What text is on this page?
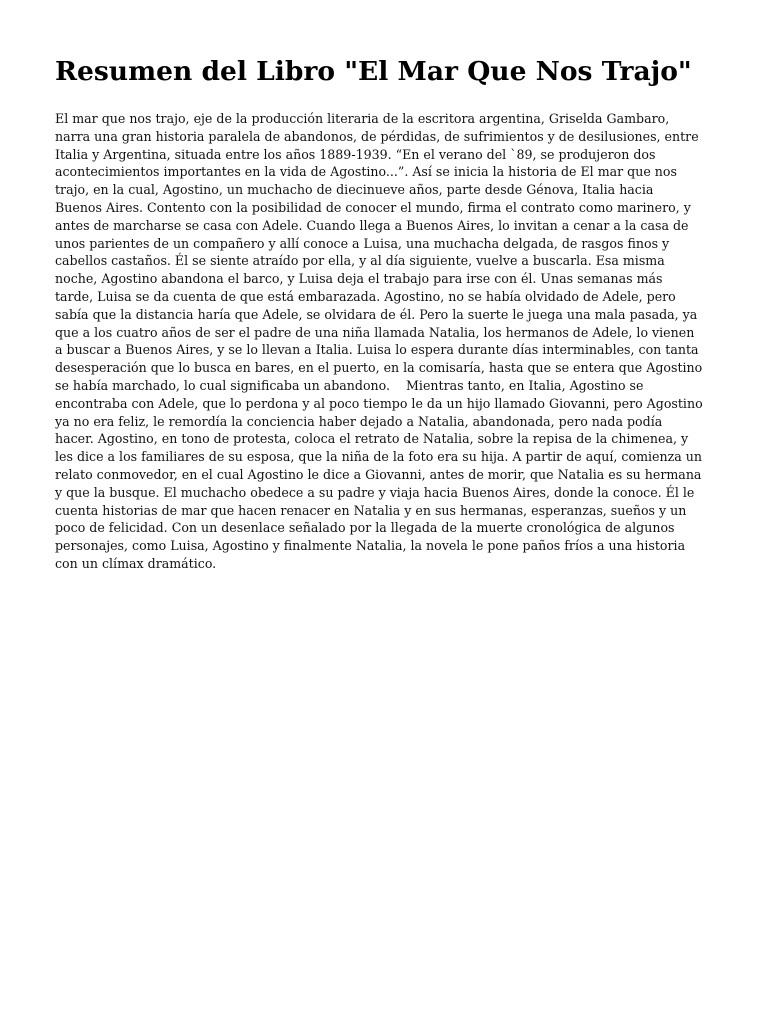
Resumen del Libro "El Mar Que Nos Trajo"

El mar que nos trajo, eje de la producción literaria de la escritora argentina, Griselda Gambaro,
narra una gran historia paralela de abandonos, de pérdidas, de sufrimientos y de desilusiones, entre
Italia y Argentina, situada entre los años 1889-1939. “En el verano del `89, se produjeron dos
acontecimientos importantes en la vida de Agostino...”. Así se inicia la historia de El mar que nos
trajo, en la cual, Agostino, un muchacho de diecinueve años, parte desde Génova, Italia hacia
Buenos Aires. Contento con la posibilidad de conocer el mundo, firma el contrato como marinero, y
antes de marcharse se casa con Adele. Cuando llega a Buenos Aires, lo invitan a cenar a la casa de
unos parientes de un compañero y allí conoce a Luisa, una muchacha delgada, de rasgos finos y
cabellos castaños. Él se siente atraído por ella, y al día siguiente, vuelve a buscarla. Esa misma
noche, Agostino abandona el barco, y Luisa deja el trabajo para irse con él. Unas semanas más
tarde, Luisa se da cuenta de que está embarazada. Agostino, no se había olvidado de Adele, pero
sabía que la distancia haría que Adele, se olvidara de él. Pero la suerte le juega una mala pasada, ya
que a los cuatro años de ser el padre de una niña llamada Natalia, los hermanos de Adele, lo vienen
a buscar a Buenos Aires, y se lo llevan a Italia. Luisa lo espera durante días interminables, con tanta
desesperación que lo busca en bares, en el puerto, en la comisaría, hasta que se entera que Agostino
se había marchado, lo cual significaba un abandono.    Mientras tanto, en Italia, Agostino se
encontraba con Adele, que lo perdona y al poco tiempo le da un hijo llamado Giovanni, pero Agostino
ya no era feliz, le remordía la conciencia haber dejado a Natalia, abandonada, pero nada podía
hacer. Agostino, en tono de protesta, coloca el retrato de Natalia, sobre la repisa de la chimenea, y
les dice a los familiares de su esposa, que la niña de la foto era su hija. A partir de aquí, comienza un
relato conmovedor, en el cual Agostino le dice a Giovanni, antes de morir, que Natalia es su hermana
y que la busque. El muchacho obedece a su padre y viaja hacia Buenos Aires, donde la conoce. Él le
cuenta historias de mar que hacen renacer en Natalia y en sus hermanas, esperanzas, sueños y un
poco de felicidad. Con un desenlace señalado por la llegada de la muerte cronológica de algunos
personajes, como Luisa, Agostino y finalmente Natalia, la novela le pone paños fríos a una historia
con un clímax dramático.
